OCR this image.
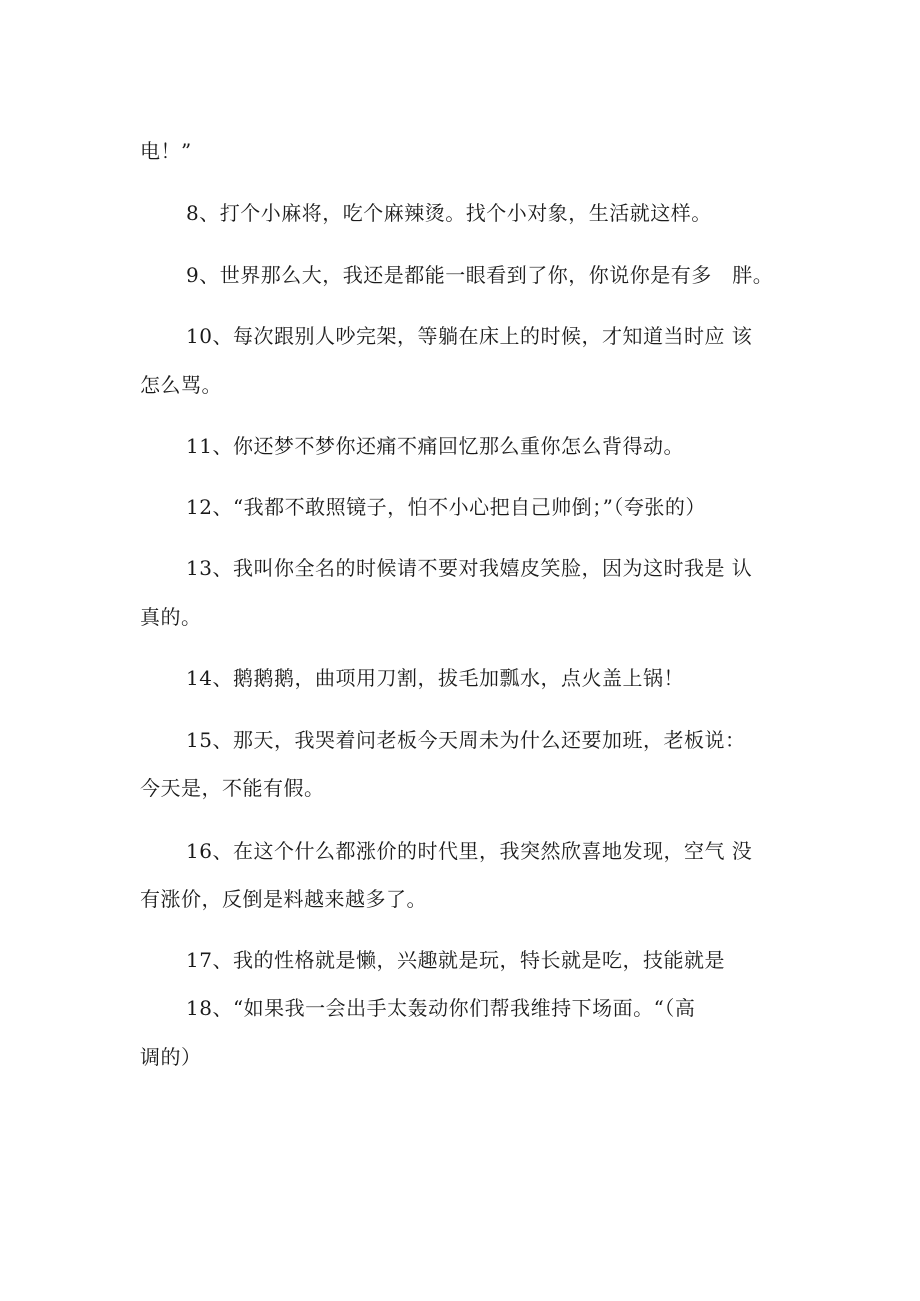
电！”
8、打个小麻将，吃个麻辣烫。找个小对象，生活就这样。
9、世界那么大，我还是都能一眼看到了你，你说你是有多   胖。
10、每次跟别人吵完架，等躺在床上的时候，才知道当时应 该
怎么骂。
11、你还梦不梦你还痛不痛回忆那么重你怎么背得动。
12、“我都不敢照镜子，怕不小心把自己帅倒；”（夸张的）
13、我叫你全名的时候请不要对我嬉皮笑脸，因为这时我是 认
真的。
14、鹅鹅鹅，曲项用刀割，拔毛加瓢水，点火盖上锅！
15、那天，我哭着问老板今天周未为什么还要加班，老板说：
今天是，不能有假。
16、在这个什么都涨价的时代里，我突然欣喜地发现，空气 没
有涨价，反倒是料越来越多了。
17、我的性格就是懒，兴趣就是玩，特长就是吃，技能就是
18、“如果我一会出手太轰动你们帮我维持下场面。“（高
调的）
